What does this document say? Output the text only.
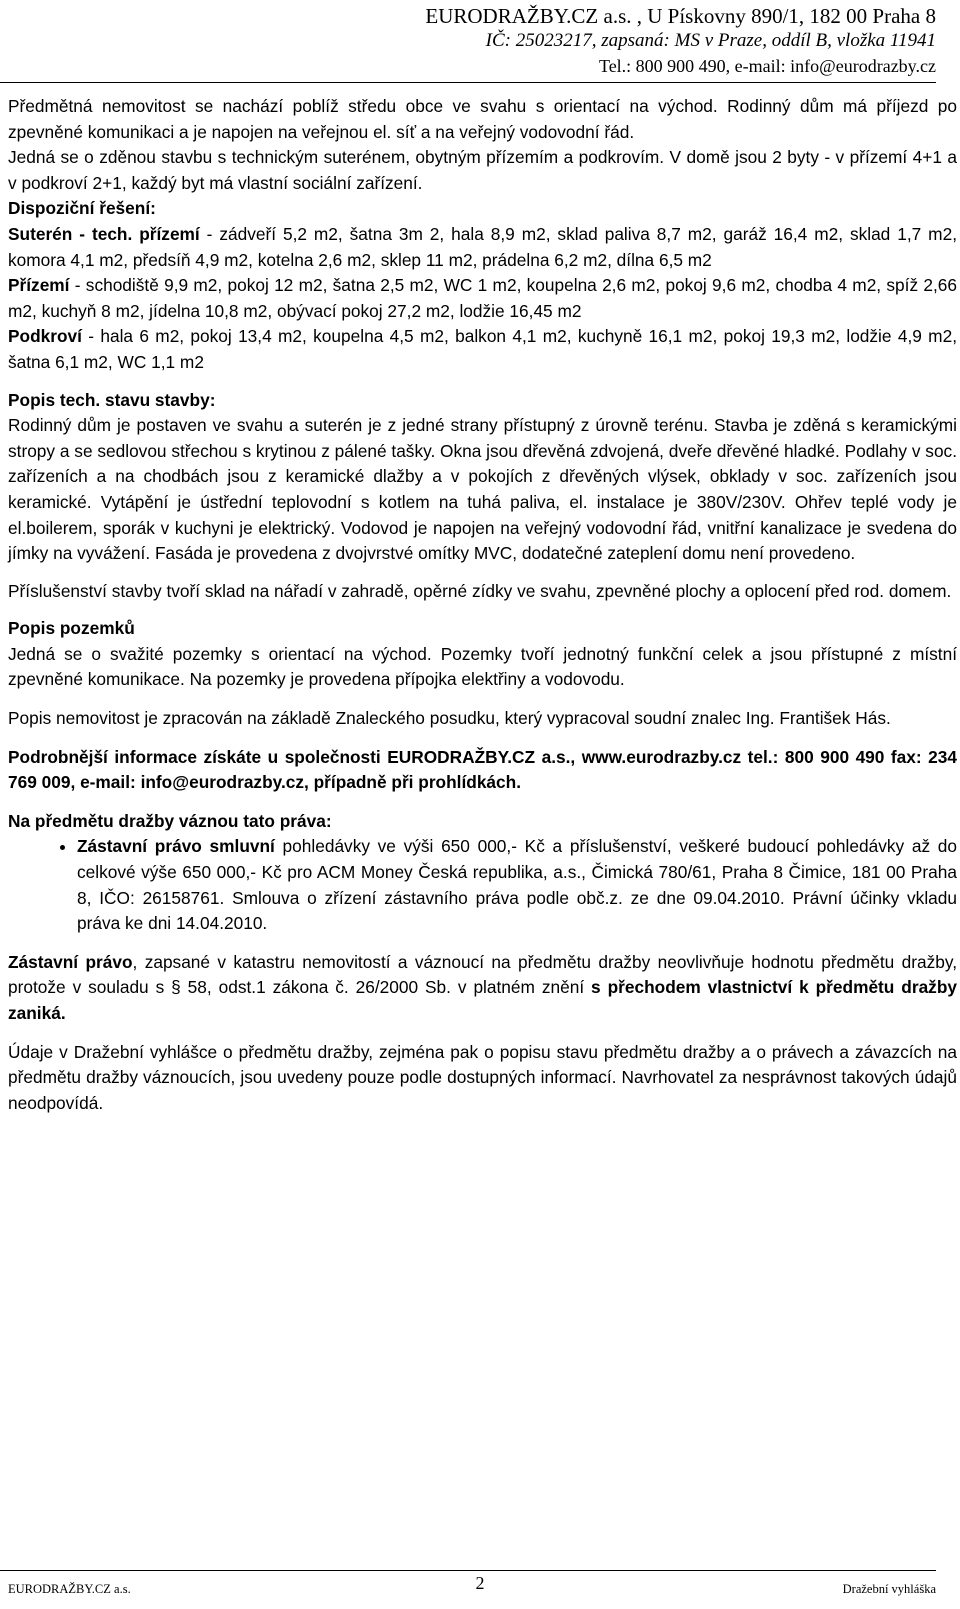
EURODRAŽBY.CZ a.s. , U Pískovny 890/1, 182 00 Praha 8
IČ: 25023217, zapsaná: MS v Praze, oddíl B, vložka 11941
Tel.: 800 900 490, e-mail: info@eurodrazby.cz

Předmětná nemovitost se nachází poblíž středu obce ve svahu s orientací na východ. Rodinný dům má příjezd po zpevněné komunikaci a je napojen na veřejnou el. síť a na veřejný vodovodní řád.

Jedná se o zděnou stavbu s technickým suterénem, obytným přízemím a podkrovím. V domě jsou 2 byty - v přízemí 4+1 a v podkroví 2+1, každý byt má vlastní sociální zařízení.

Dispoziční řešení:

Suterén - tech. přízemí - zádveří 5,2 m2, šatna 3m 2, hala 8,9 m2, sklad paliva 8,7 m2, garáž 16,4 m2, sklad 1,7 m2, komora 4,1 m2, předsíň 4,9 m2, kotelna 2,6 m2, sklep 11 m2, prádelna 6,2 m2, dílna 6,5 m2

Přízemí - schodiště 9,9 m2, pokoj 12 m2, šatna 2,5 m2, WC 1 m2, koupelna 2,6 m2, pokoj 9,6 m2, chodba 4 m2, spíž 2,66 m2, kuchyň 8 m2, jídelna 10,8 m2, obývací pokoj 27,2 m2, lodžie 16,45 m2

Podkroví - hala 6 m2, pokoj 13,4 m2, koupelna 4,5 m2, balkon 4,1 m2, kuchyně 16,1 m2, pokoj 19,3 m2, lodžie 4,9 m2, šatna 6,1 m2, WC 1,1 m2

Popis tech. stavu stavby:

Rodinný dům je postaven ve svahu a suterén je z jedné strany přístupný z úrovně terénu. Stavba je zděná s keramickými stropy a se sedlovou střechou s krytinou z pálené tašky. Okna jsou dřevěná zdvojená, dveře dřevěné hladké. Podlahy v soc. zařízeních a na chodbách jsou z keramické dlažby a v pokojích z dřevěných vlýsek, obklady v soc. zařízeních jsou keramické. Vytápění je ústřední teplovodní s kotlem na tuhá paliva, el. instalace je 380V/230V. Ohřev teplé vody je el.boilerem, sporák v kuchyni je elektrický. Vodovod je napojen na veřejný vodovodní řád, vnitřní kanalizace je svedena do jímky na vyvážení. Fasáda je provedena z dvojvrstvé omítky MVC, dodatečné zateplení domu není provedeno.

Příslušenství stavby tvoří sklad na nářadí v zahradě, opěrné zídky ve svahu, zpevněné plochy a oplocení před rod. domem.

Popis pozemků

Jedná se o svažité pozemky s orientací na východ. Pozemky tvoří jednotný funkční celek a jsou přístupné z místní zpevněné komunikace. Na pozemky je provedena přípojka elektřiny a vodovodu.

Popis nemovitost je zpracován na základě Znaleckého posudku, který vypracoval soudní znalec Ing. František Hás.

Podrobnější informace získáte u společnosti EURODRAŽBY.CZ a.s., www.eurodrazby.cz tel.: 800 900 490 fax: 234 769 009, e-mail: info@eurodrazby.cz, případně při prohlídkách.

Na předmětu dražby váznou tato práva:

• Zástavní právo smluvní pohledávky ve výši 650 000,- Kč a příslušenství, veškeré budoucí pohledávky až do celkové výše 650 000,- Kč pro ACM Money Česká republika, a.s., Čimická 780/61, Praha 8 Čimice, 181 00 Praha 8, IČO: 26158761. Smlouva o zřízení zástavního práva podle obč.z. ze dne 09.04.2010. Právní účinky vkladu práva ke dni 14.04.2010.

Zástavní právo, zapsané v katastru nemovitostí a váznoucí na předmětu dražby neovlivňuje hodnotu předmětu dražby, protože v souladu s § 58, odst.1 zákona č. 26/2000 Sb. v platném znění s přechodem vlastnictví k předmětu dražby zaniká.

Údaje v Dražební vyhlášce o předmětu dražby, zejména pak o popisu stavu předmětu dražby a o právech a závazcích na předmětu dražby váznoucích, jsou uvedeny pouze podle dostupných informací. Navrhovatel za nesprávnost takových údajů neodpovídá.

EURODRAŽBY.CZ a.s.	2	Dražební vyhláška
